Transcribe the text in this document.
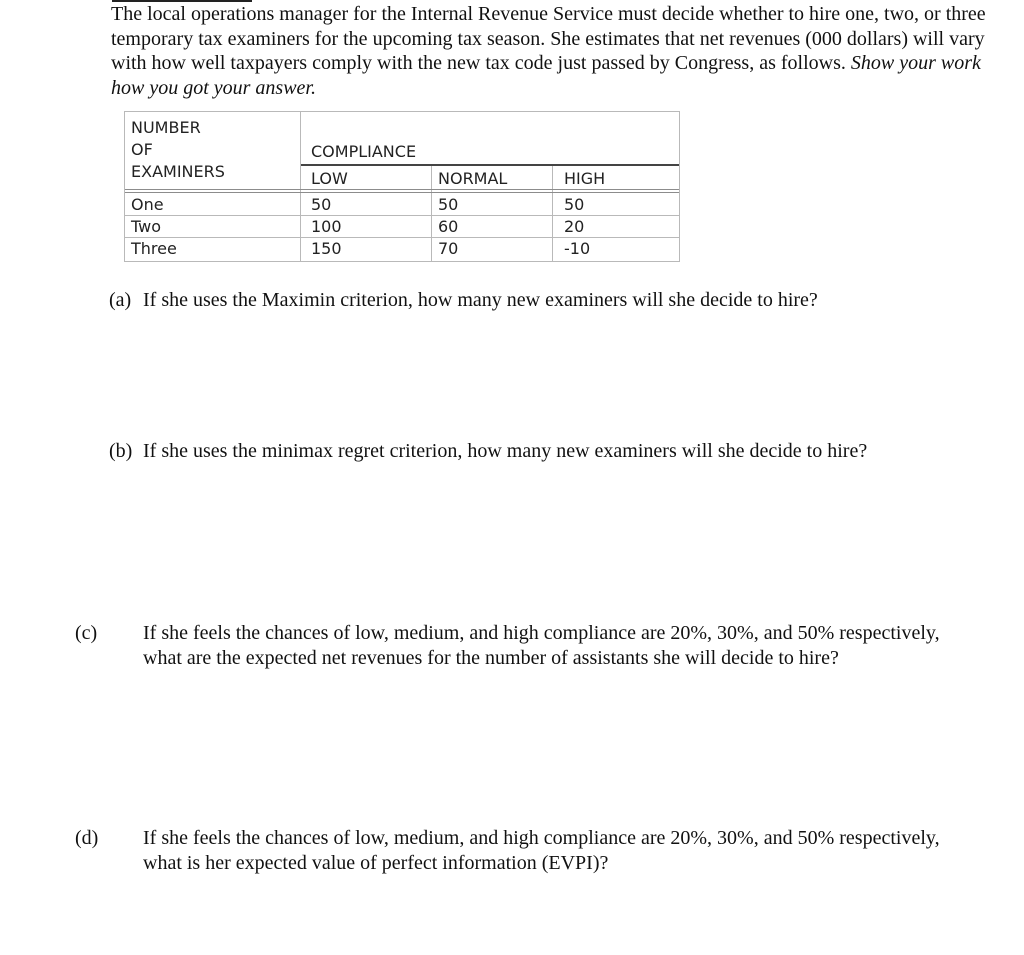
The local operations manager for the Internal Revenue Service must decide whether to hire one, two, or three temporary tax examiners for the upcoming tax season. She estimates that net revenues (000 dollars) will vary with how well taxpayers comply with the new tax code just passed by Congress, as follows. Show your work how you got your answer.

NUMBER
OF
EXAMINERS
COMPLIANCE
LOW	NORMAL	HIGH
One	50	50	50
Two	100	60	20
Three	150	70	-10

(a) If she uses the Maximin criterion, how many new examiners will she decide to hire?

(b) If she uses the minimax regret criterion, how many new examiners will she decide to hire?

(c) If she feels the chances of low, medium, and high compliance are 20%, 30%, and 50% respectively, what are the expected net revenues for the number of assistants she will decide to hire?

(d) If she feels the chances of low, medium, and high compliance are 20%, 30%, and 50% respectively, what is her expected value of perfect information (EVPI)?
